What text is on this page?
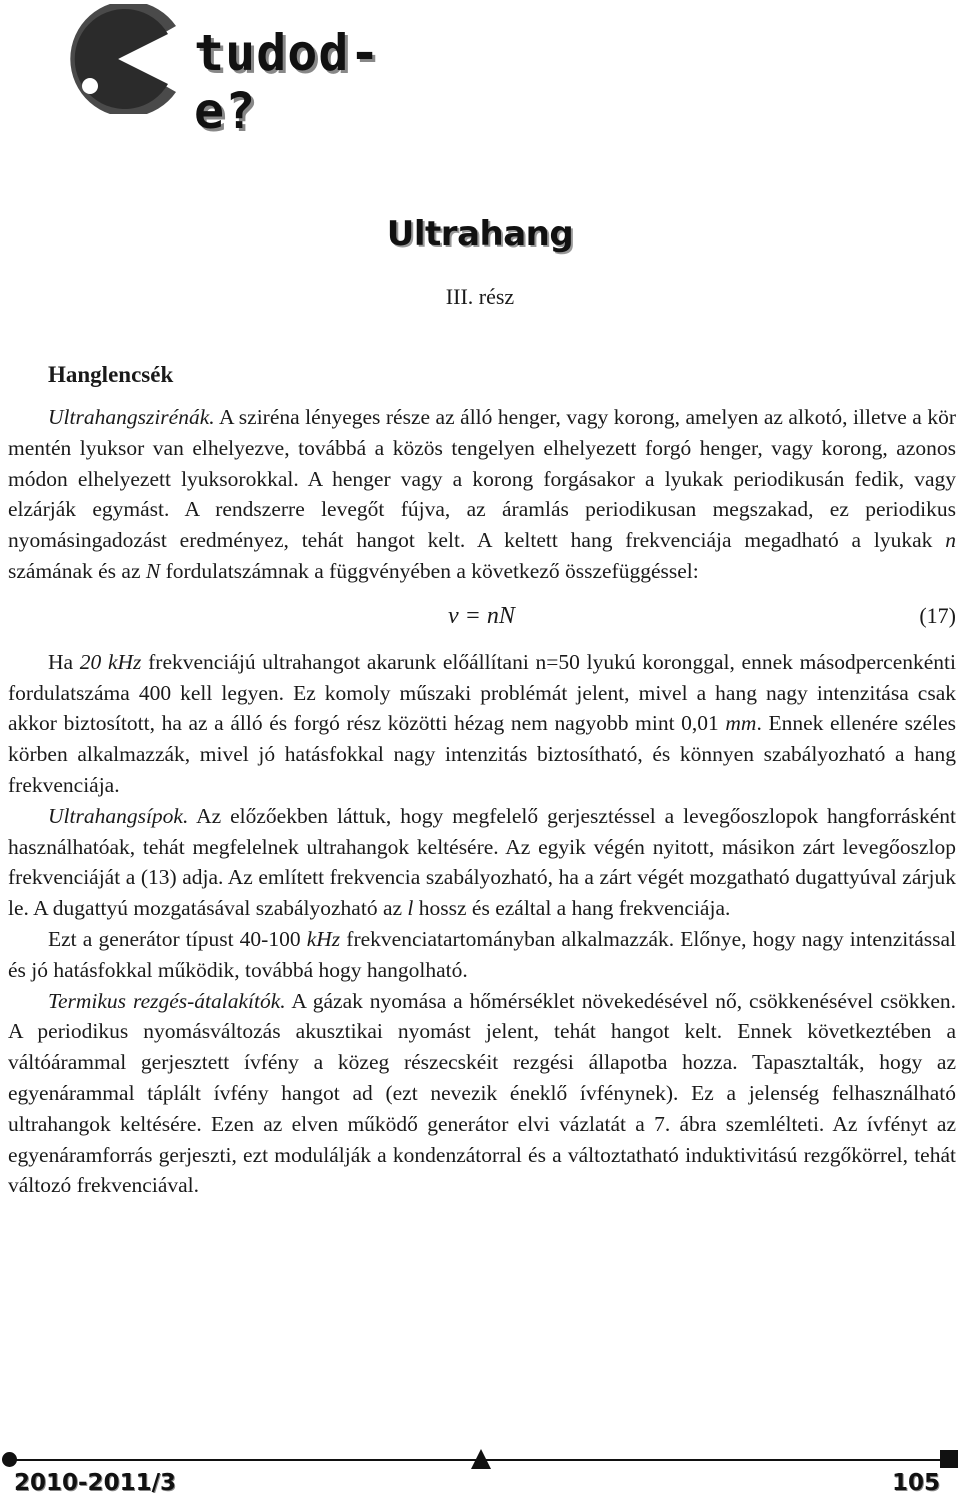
tudod-e?
Ultrahang
III. rész
Hanglencsék

Ultrahangszirénák. A sziréna lényeges része az álló henger, vagy korong, amelyen az alkotó, illetve a kör mentén lyuksor van elhelyezve, továbbá a közös tengelyen elhelyezett forgó henger, vagy korong, azonos módon elhelyezett lyuksorokkal. A henger vagy a korong forgásakor a lyukak periodikusán fedik, vagy elzárják egymást. A rendszerre levegőt fújva, az áramlás periodikusan megszakad, ez periodikus nyomásingadozást eredményez, tehát hangot kelt. A keltett hang frekvenciája megadható a lyukak n számának és az N fordulatszámnak a függvényében a következő összefüggéssel:

ν = nN	(17)

Ha 20 kHz frekvenciájú ultrahangot akarunk előállítani n=50 lyukú koronggal, ennek másodpercenkénti fordulatszáma 400 kell legyen. Ez komoly műszaki problémát jelent, mivel a hang nagy intenzitása csak akkor biztosított, ha az a álló és forgó rész közötti hézag nem nagyobb mint 0,01 mm. Ennek ellenére széles körben alkalmazzák, mivel jó hatásfokkal nagy intenzitás biztosítható, és könnyen szabályozható a hang frekvenciája.

Ultrahangsípok. Az előzőekben láttuk, hogy megfelelő gerjesztéssel a levegőoszlopok hangforrásként használhatóak, tehát megfelelnek ultrahangok keltésére. Az egyik végén nyitott, másikon zárt levegőoszlop frekvenciáját a (13) adja. Az említett frekvencia szabályozható, ha a zárt végét mozgatható dugattyúval zárjuk le. A dugattyú mozgatásával szabályozható az l hossz és ezáltal a hang frekvenciája.

Ezt a generátor típust 40-100 kHz frekvenciatartományban alkalmazzák. Előnye, hogy nagy intenzitással és jó hatásfokkal működik, továbbá hogy hangolható.

Termikus rezgés-átalakítók. A gázak nyomása a hőmérséklet növekedésével nő, csökkenésével csökken. A periodikus nyomásváltozás akusztikai nyomást jelent, tehát hangot kelt. Ennek következtében a váltóárammal gerjesztett ívfény a közeg részecskéit rezgési állapotba hozza. Tapasztalták, hogy az egyenárammal táplált ívfény hangot ad (ezt nevezik éneklő ívfénynek). Ez a jelenség felhasználható ultrahangok keltésére. Ezen az elven működő generátor elvi vázlatát a 7. ábra szemlélteti. Az ívfényt az egyenáramforrás gerjeszti, ezt modulálják a kondenzátorral és a változtatható induktivitású rezgőkörrel, tehát változó frekvenciával.

2010-2011/3	105
